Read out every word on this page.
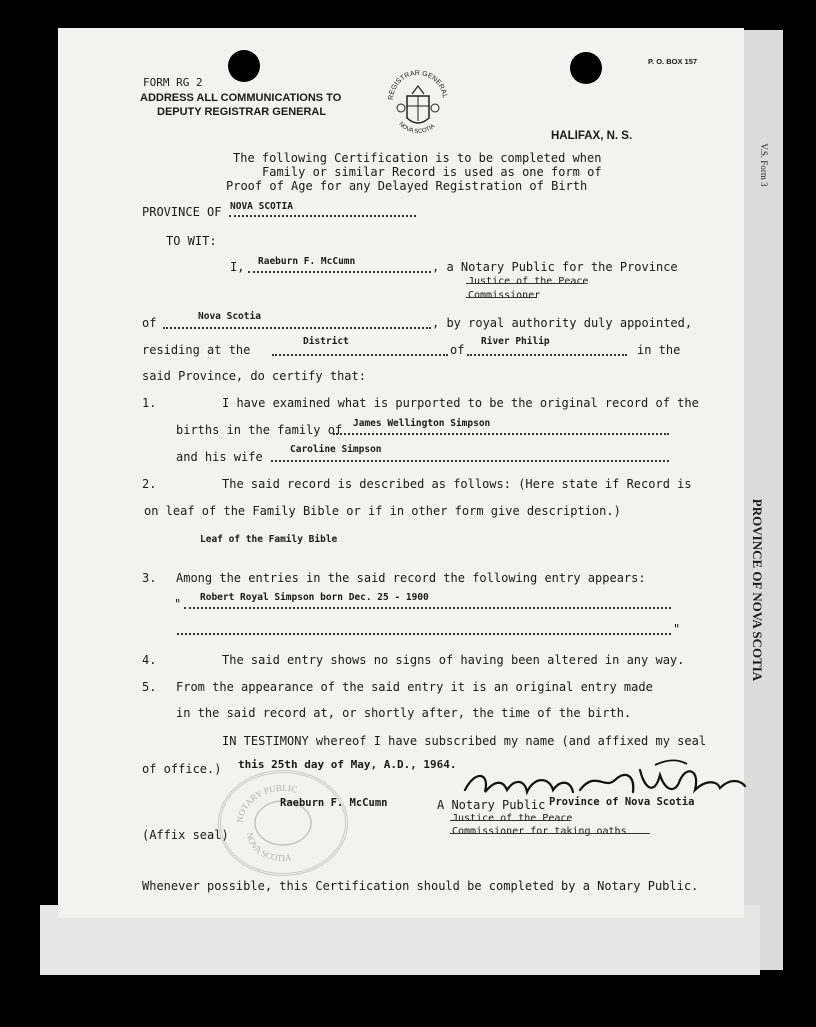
V.S. Form 3
PROVINCE OF NOVA SCOTIA
FORM RG 2
ADDRESS ALL COMMUNICATIONS TO
DEPUTY REGISTRAR GENERAL
P. O. BOX 157
HALIFAX, N. S.
REGISTRAR GENERAL
NOVA SCOTIA
The following Certification is to be completed when
Family or similar Record is used as one form of
Proof of Age for any Delayed Registration of Birth
PROVINCE OF NOVA SCOTIA
TO WIT:
I, Raeburn F. McCumn	, a Notary Public for the Province
Justice of the Peace
Commissioner
of	Nova Scotia	, by royal authority duly appointed,
residing at the
District
of
River Philip
in the
said Province, do certify that:
1.	I have examined what is purported to be the original record of the
births in the family of James Wellington Simpson
and his wife
Caroline Simpson
2.	The said record is described as follows: (Here state if Record is
on leaf of the Family Bible or if in other form give description.)
Leaf of the Family Bible
3. Among the entries in the said record the following entry appears:
" Robert Royal Simpson born Dec. 25 - 1900
"
4.	The said entry shows no signs of having been altered in any way.
5. From the appearance of the said entry it is an original entry made
in the said record at, or shortly after, the time of the birth.
IN TESTIMONY whereof I have subscribed my name (and affixed my seal
of office.) this 25th day of May, A.D., 1964.
NOTARY PUBLIC
NOVA SCOTIA
Raeburn F. McCumn	A Notary Public Province of Nova Scotia
Justice of the Peace
Commissioner for taking oaths
(Affix seal)
Whenever possible, this Certification should be completed by a Notary Public.
